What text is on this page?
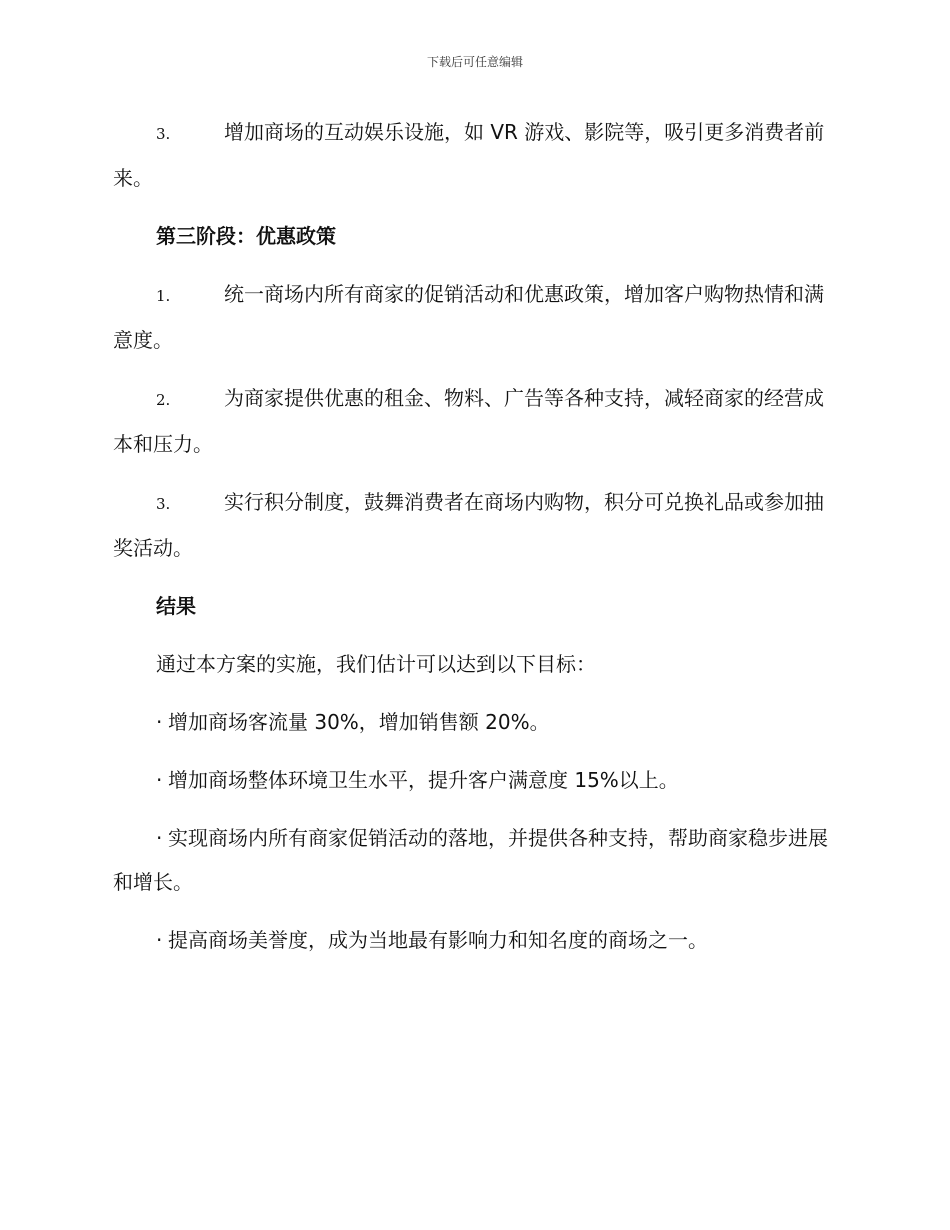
下载后可任意编辑

3.	增加商场的互动娱乐设施，如 VR 游戏、影院等，吸引更多消费者前来。

第三阶段：优惠政策

1.	统一商场内所有商家的促销活动和优惠政策，增加客户购物热情和满意度。

2.	为商家提供优惠的租金、物料、广告等各种支持，减轻商家的经营成本和压力。

3.	实行积分制度，鼓舞消费者在商场内购物，积分可兑换礼品或参加抽奖活动。

结果

通过本方案的实施，我们估计可以达到以下目标：

· 增加商场客流量 30%，增加销售额 20%。

· 增加商场整体环境卫生水平，提升客户满意度 15%以上。

· 实现商场内所有商家促销活动的落地，并提供各种支持，帮助商家稳步进展和增长。

· 提高商场美誉度，成为当地最有影响力和知名度的商场之一。
